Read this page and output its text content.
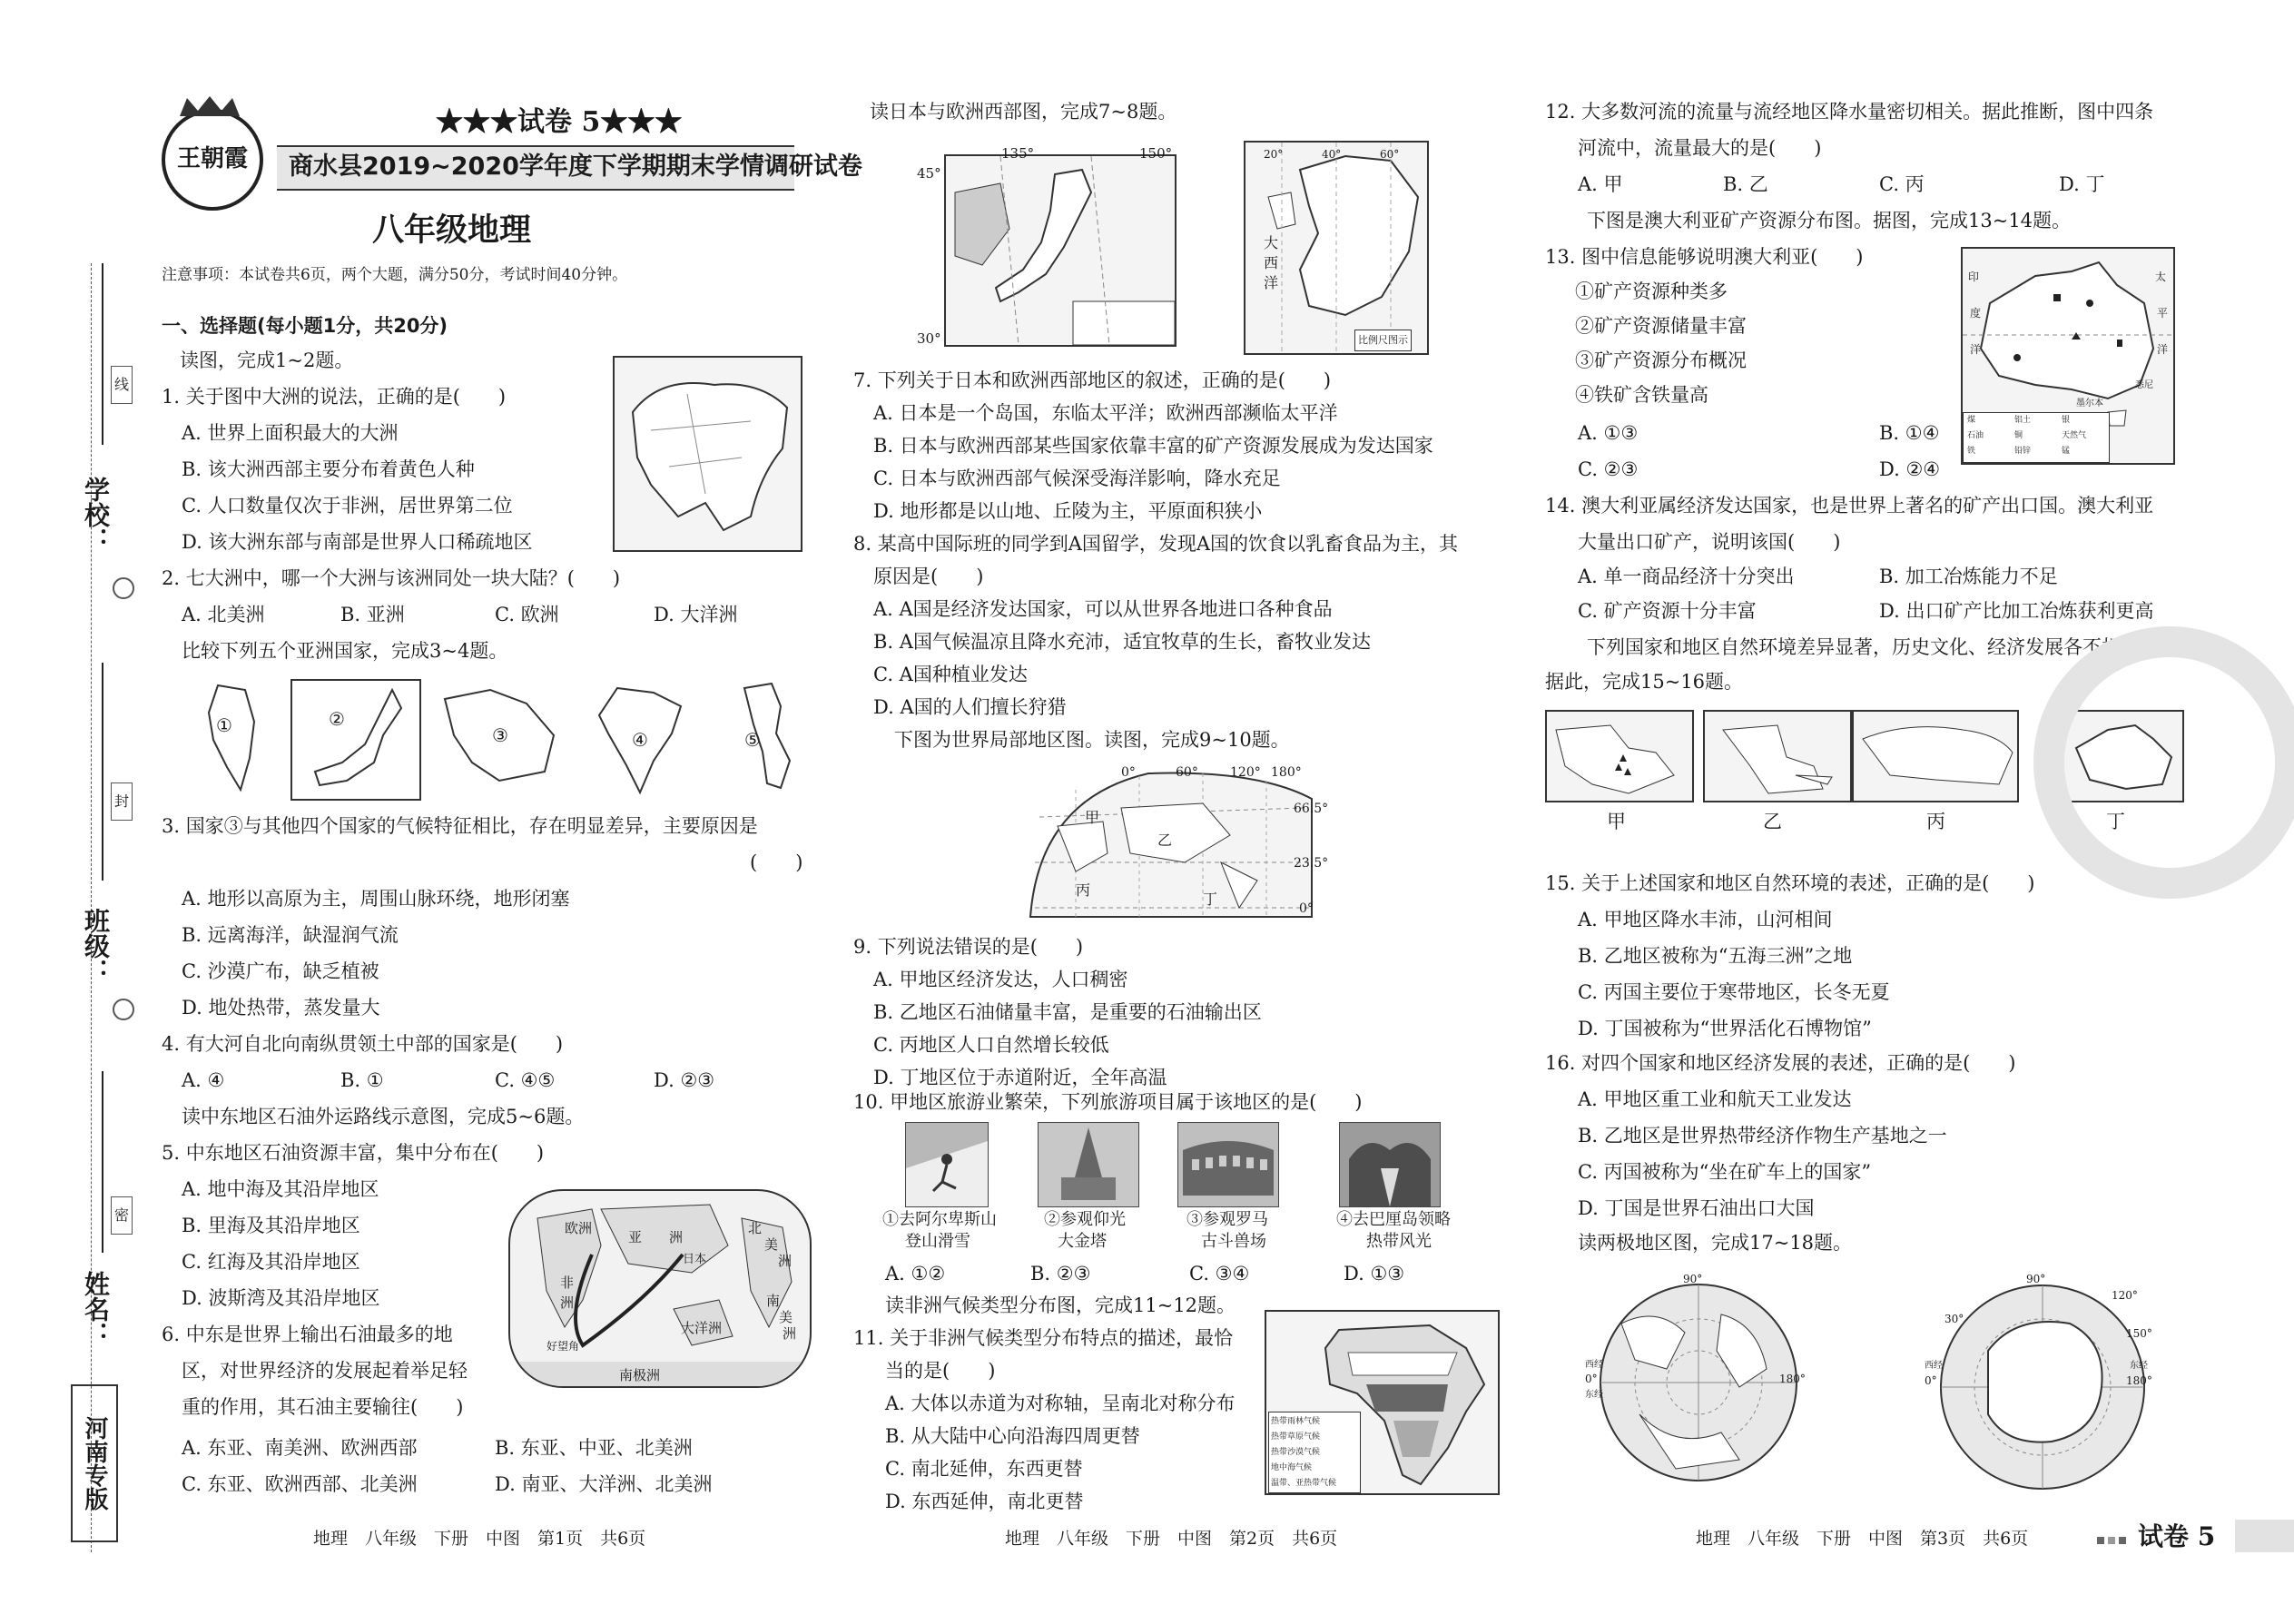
学校：
班级：
姓名：
线
封
密
河南专版
王朝霞
★★★试卷 5★★★
商水县2019~2020学年度下学期期末学情调研试卷
八年级地理
注意事项：本试卷共6页，两个大题，满分50分，考试时间40分钟。
一、选择题(每小题1分，共20分)
读图，完成1~2题。
1. 关于图中大洲的说法，正确的是(　　)
A. 世界上面积最大的大洲
B. 该大洲西部主要分布着黄色人种
C. 人口数量仅次于非洲，居世界第二位
D. 该大洲东部与南部是世界人口稀疏地区
2. 七大洲中，哪一个大洲与该洲同处一块大陆？(　　)
A. 北美洲	B. 亚洲	C. 欧洲	D. 大洋洲
比较下列五个亚洲国家，完成3~4题。
①	②
③	④	⑤
3. 国家③与其他四个国家的气候特征相比，存在明显差异，主要原因是
(　　)
A. 地形以高原为主，周围山脉环绕，地形闭塞
B. 远离海洋，缺湿润气流
C. 沙漠广布，缺乏植被
D. 地处热带，蒸发量大
4. 有大河自北向南纵贯领土中部的国家是(　　)
A. ④	B. ①	C. ④⑤	D. ②③
读中东地区石油外运路线示意图，完成5~6题。
5. 中东地区石油资源丰富，集中分布在(　　)
A. 地中海及其沿岸地区
B. 里海及其沿岸地区
C. 红海及其沿岸地区
D. 波斯湾及其沿岸地区
6. 中东是世界上输出石油最多的地
区，对世界经济的发展起着举足轻
重的作用，其石油主要输往(　　)
A. 东亚、南美洲、欧洲西部	B. 东亚、中亚、北美洲
C. 东亚、欧洲西部、北美洲	D. 南亚、大洋洲、北美洲
欧洲
亚 洲
日本
非
洲
大洋洲
南极洲
好望角
北
美
洲
南
美
洲
地理　八年级　下册　中图　第1页　共6页
读日本与欧洲西部图，完成7~8题。
135°	150°
45°
30°
20°	40°	60°
大
西
洋
比例尺图示
7. 下列关于日本和欧洲西部地区的叙述，正确的是(　　)
A. 日本是一个岛国，东临太平洋；欧洲西部濒临太平洋
B. 日本与欧洲西部某些国家依靠丰富的矿产资源发展成为发达国家
C. 日本与欧洲西部气候深受海洋影响，降水充足
D. 地形都是以山地、丘陵为主，平原面积狭小
8. 某高中国际班的同学到A国留学，发现A国的饮食以乳畜食品为主，其
原因是(　　)
A. A国是经济发达国家，可以从世界各地进口各种食品
B. A国气候温凉且降水充沛，适宜牧草的生长，畜牧业发达
C. A国种植业发达
D. A国的人们擅长狩猎
下图为世界局部地区图。读图，完成9~10题。
0°	60°	120° 180°
66.5°
23.5°
0°
甲
乙
丙
丁
9. 下列说法错误的是(　　)
A. 甲地区经济发达，人口稠密
B. 乙地区石油储量丰富，是重要的石油输出区
C. 丙地区人口自然增长较低
D. 丁地区位于赤道附近，全年高温
10. 甲地区旅游业繁荣，下列旅游项目属于该地区的是(　　)
①去阿尔卑斯山
登山滑雪
②参观仰光
大金塔
③参观罗马
古斗兽场
④去巴厘岛领略
热带风光
A. ①②	B. ②③	C. ③④	D. ①③
读非洲气候类型分布图，完成11~12题。
11. 关于非洲气候类型分布特点的描述，最恰
当的是(　　)
A. 大体以赤道为对称轴，呈南北对称分布
B. 从大陆中心向沿海四周更替
C. 南北延伸，东西更替
D. 东西延伸，南北更替
热带雨林气候
热带草原气候
热带沙漠气候
地中海气候
温带、亚热带气候
地理　八年级　下册　中图　第2页　共6页
12. 大多数河流的流量与流经地区降水量密切相关。据此推断，图中四条
河流中，流量最大的是(　　)
A. 甲	B. 乙	C. 丙	D. 丁
下图是澳大利亚矿产资源分布图。据图，完成13~14题。
13. 图中信息能够说明澳大利亚(　　)
①矿产资源种类多
②矿产资源储量丰富
③矿产资源分布概况
④铁矿含铁量高
A. ①③	B. ①④
C. ②③	D. ②④
煤	铝土	银
石油	铜	天然气
铁	铅锌	锰
印
度
洋
太
平
洋
墨尔本
悉尼
14. 澳大利亚属经济发达国家，也是世界上著名的矿产出口国。澳大利亚
大量出口矿产，说明该国(　　)
A. 单一商品经济十分突出	B. 加工冶炼能力不足
C. 矿产资源十分丰富	D. 出口矿产比加工冶炼获利更高
下列国家和地区自然环境差异显著，历史文化、经济发展各不相同。
据此，完成15~16题。
甲	乙	丙	丁
15. 关于上述国家和地区自然环境的表述，正确的是(　　)
A. 甲地区降水丰沛，山河相间
B. 乙地区被称为“五海三洲”之地
C. 丙国主要位于寒带地区，长冬无夏
D. 丁国被称为“世界活化石博物馆”
16. 对四个国家和地区经济发展的表述，正确的是(　　)
A. 甲地区重工业和航天工业发达
B. 乙地区是世界热带经济作物生产基地之一
C. 丙国被称为“坐在矿车上的国家”
D. 丁国是世界石油出口大国
读两极地区图，完成17~18题。
90°
0°	180°
西经
东经
90°
0°	180°
30°
120°
150°
西经	东经
地理　八年级　下册　中图　第3页　共6页	试卷 5
